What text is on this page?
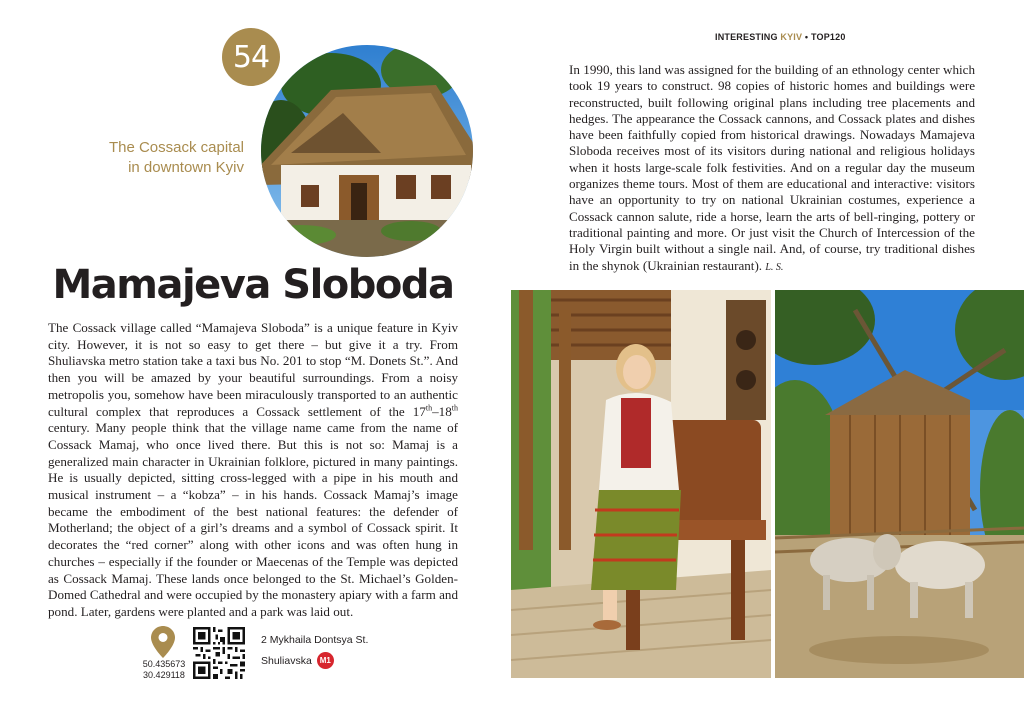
54
The Cossack capital
in downtown Kyiv
Mamajeva Sloboda
The Cossack village called “Mamajeva Sloboda” is a unique feature in Kyiv city. However, it is not so easy to get there – but give it a try. From Shuliavska metro station take a taxi bus No. 201 to stop “M. Donets St.”. And then you will be amazed by your beautiful surroundings. From a noisy metropolis you, somehow have been miraculously transported to an authentic cultural complex that reproduces a Cossack settlement of the 17th–18th century. Many people think that the village name came from the name of Cossack Mamaj, who once lived there. But this is not so: Mamaj is a generalized main character in Ukrainian folklore, pictured in many paintings. He is usually depicted, sitting cross-legged with a pipe in his mouth and musical instrument – a “kobza” – in his hands. Cossack Mamaj’s image became the embodiment of the best national features: the defender of Motherland; the object of a girl’s dreams and a symbol of Cossack spirit. It decorates the “red corner” along with other icons and was often hung in churches – especially if the founder or Maecenas of the Temple was depicted as Cossack Mamaj. These lands once belonged to the St. Michael’s Golden-Domed Cathedral and were occupied by the monastery apiary with a farm and pond. Later, gardens were planted and a park was laid out.
50.435673
30.429118
2 Mykhaila Dontsya St.
Shuliavska M1
INTERESTING KYIV • TOP120
In 1990, this land was assigned for the building of an ethnology center which took 19 years to construct. 98 copies of historic homes and buildings were reconstructed, built following original plans including tree placements and hedges. The appearance the Cossack cannons, and Cossack plates and dishes have been faithfully copied from historical drawings. Nowadays Mamajeva Sloboda receives most of its visitors during national and religious holidays when it hosts large-scale folk festivities. And on a regular day the museum organizes theme tours. Most of them are educational and interactive: visitors have an opportunity to try on national Ukrainian costumes, experience a Cossack cannon salute, ride a horse, learn the arts of bell-ringing, pottery or traditional painting and more. Or just visit the Church of Intercession of the Holy Virgin built without a single nail. And, of course, try traditional dishes in the shynok (Ukrainian restaurant). L. S.
